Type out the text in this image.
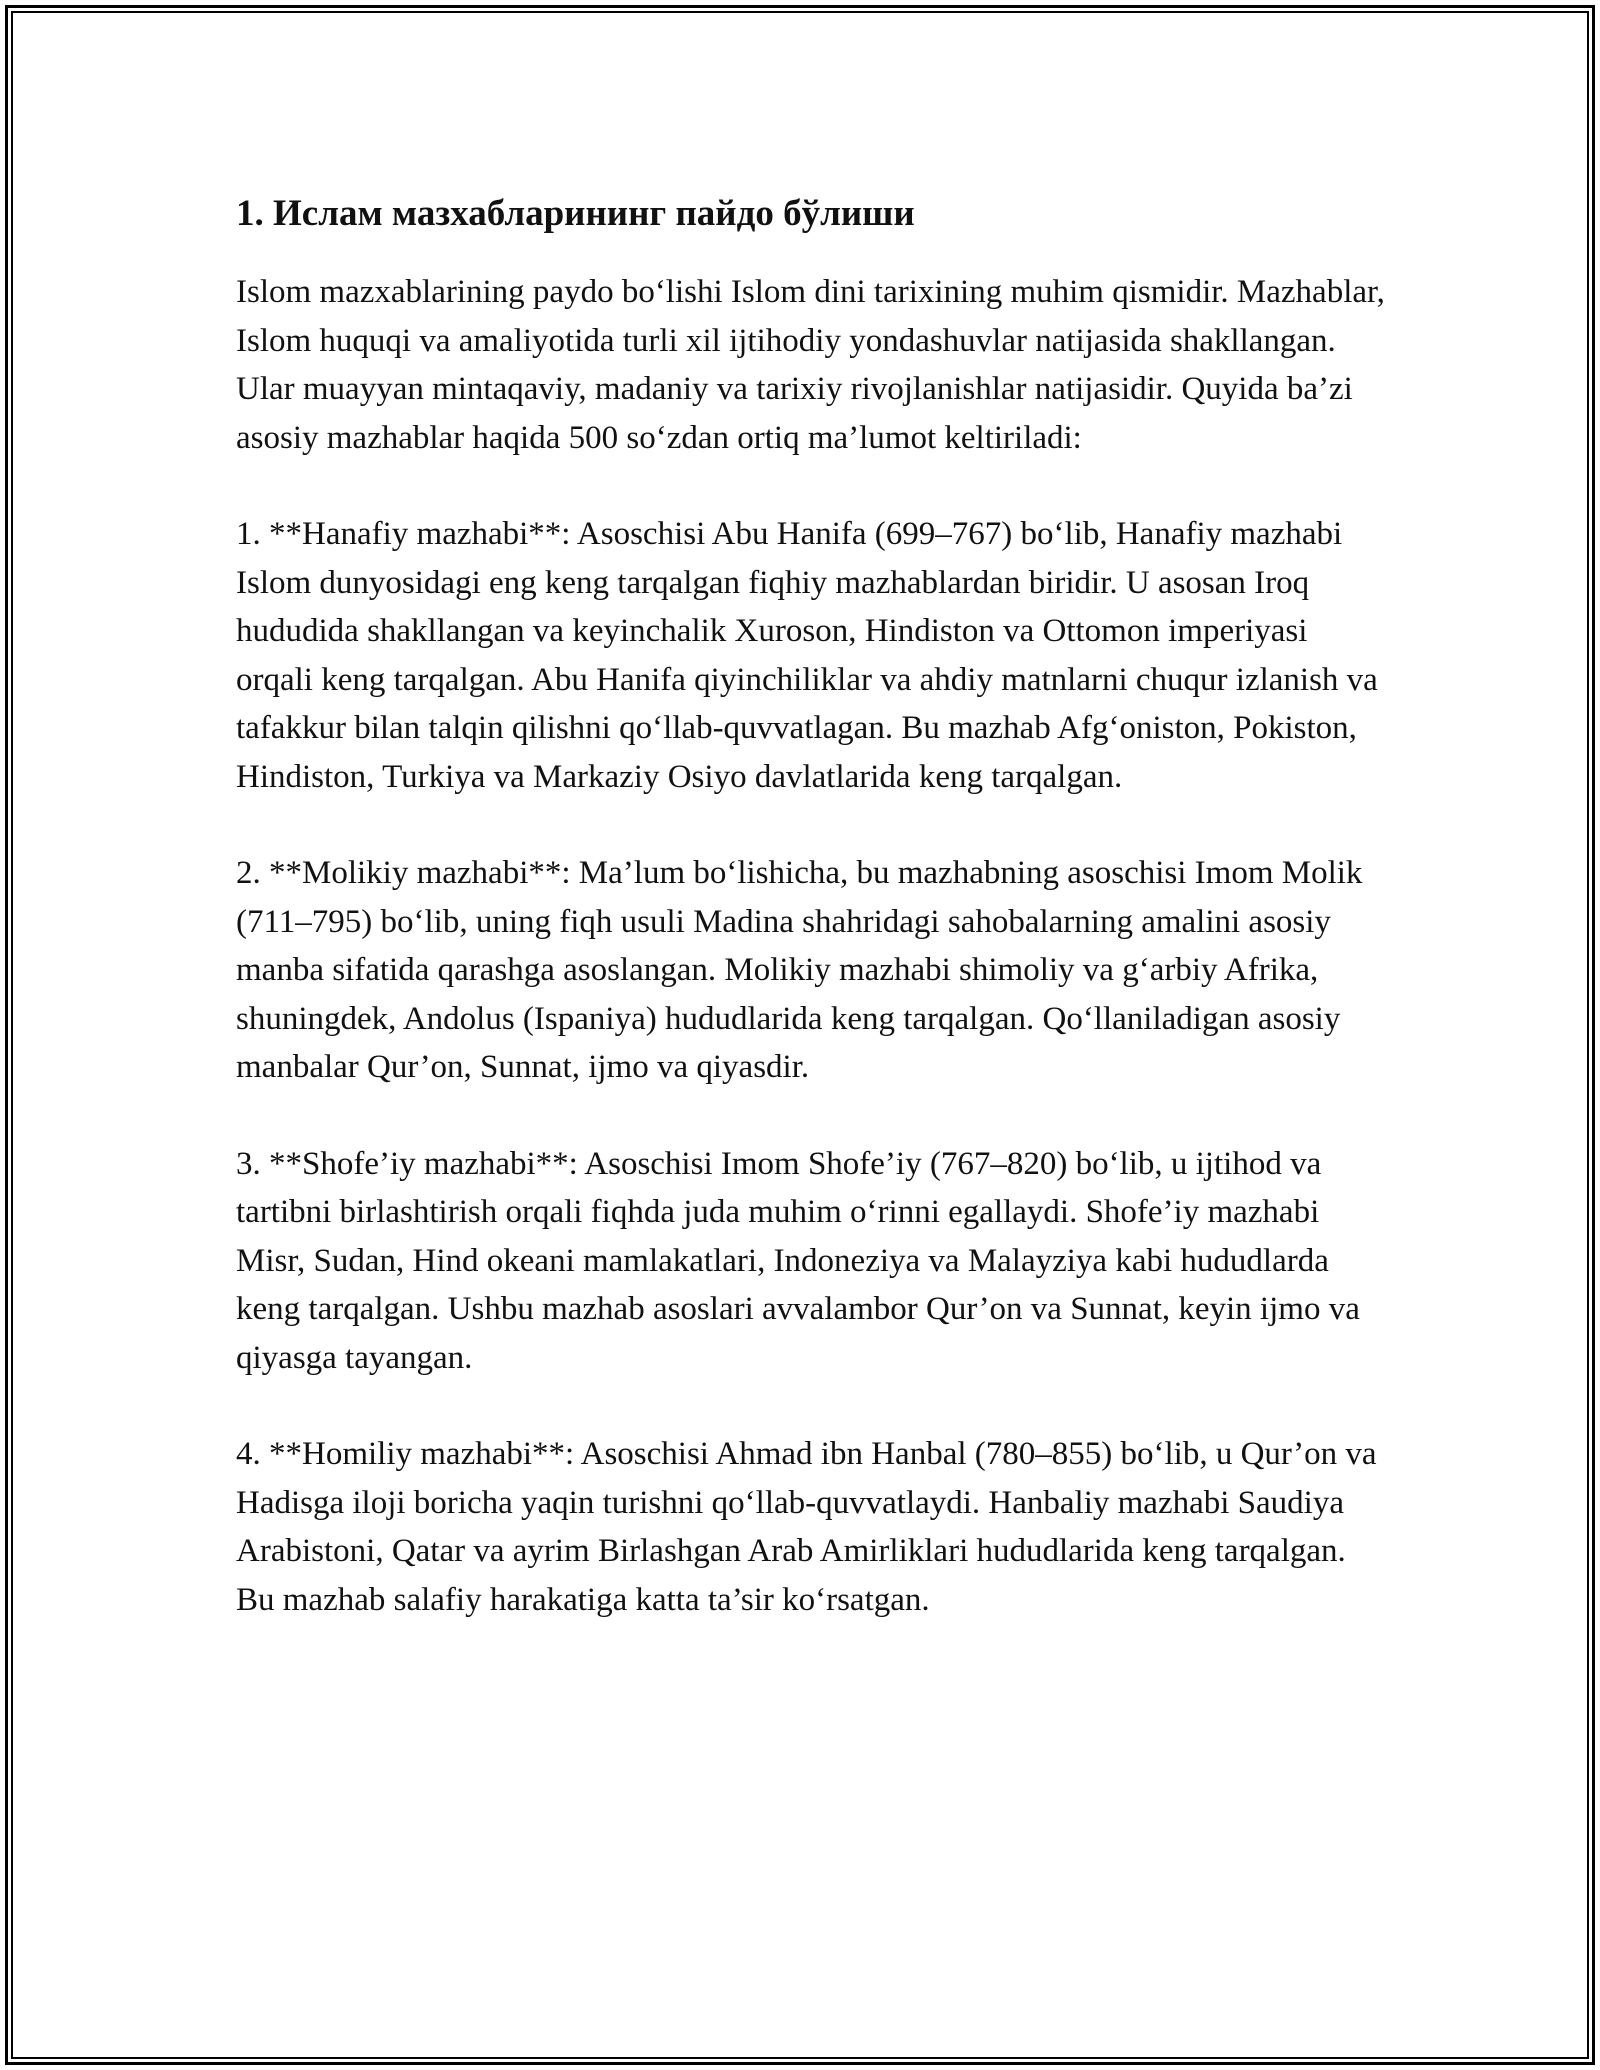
1. Ислам мазхабларининг пайдо бўлиши

Islom mazxablarining paydo bo‘lishi Islom dini tarixining muhim qismidir. Mazhablar, Islom huquqi va amaliyotida turli xil ijtihodiy yondashuvlar natijasida shakllangan. Ular muayyan mintaqaviy, madaniy va tarixiy rivojlanishlar natijasidir. Quyida ba’zi asosiy mazhablar haqida 500 so‘zdan ortiq ma’lumot keltiriladi:

1. **Hanafiy mazhabi**: Asoschisi Abu Hanifa (699–767) bo‘lib, Hanafiy mazhabi Islom dunyosidagi eng keng tarqalgan fiqhiy mazhablardan biridir. U asosan Iroq hududida shakllangan va keyinchalik Xuroson, Hindiston va Ottomon imperiyasi orqali keng tarqalgan. Abu Hanifa qiyinchiliklar va ahdiy matnlarni chuqur izlanish va tafakkur bilan talqin qilishni qo‘llab-quvvatlagan. Bu mazhab Afg‘oniston, Pokiston, Hindiston, Turkiya va Markaziy Osiyo davlatlarida keng tarqalgan.

2. **Molikiy mazhabi**: Ma’lum bo‘lishicha, bu mazhabning asoschisi Imom Molik (711–795) bo‘lib, uning fiqh usuli Madina shahridagi sahobalarning amalini asosiy manba sifatida qarashga asoslangan. Molikiy mazhabi shimoliy va g‘arbiy Afrika, shuningdek, Andolus (Ispaniya) hududlarida keng tarqalgan. Qo‘llaniladigan asosiy manbalar Qur’on, Sunnat, ijmo va qiyasdir.

3. **Shofe’iy mazhabi**: Asoschisi Imom Shofe’iy (767–820) bo‘lib, u ijtihod va tartibni birlashtirish orqali fiqhda juda muhim o‘rinni egallaydi. Shofe’iy mazhabi Misr, Sudan, Hind okeani mamlakatlari, Indoneziya va Malayziya kabi hududlarda keng tarqalgan. Ushbu mazhab asoslari avvalambor Qur’on va Sunnat, keyin ijmo va qiyasga tayangan.

4. **Homiliy mazhabi**: Asoschisi Ahmad ibn Hanbal (780–855) bo‘lib, u Qur’on va Hadisga iloji boricha yaqin turishni qo‘llab-quvvatlaydi. Hanbaliy mazhabi Saudiya Arabistoni, Qatar va ayrim Birlashgan Arab Amirliklari hududlarida keng tarqalgan. Bu mazhab salafiy harakatiga katta ta’sir ko‘rsatgan.
